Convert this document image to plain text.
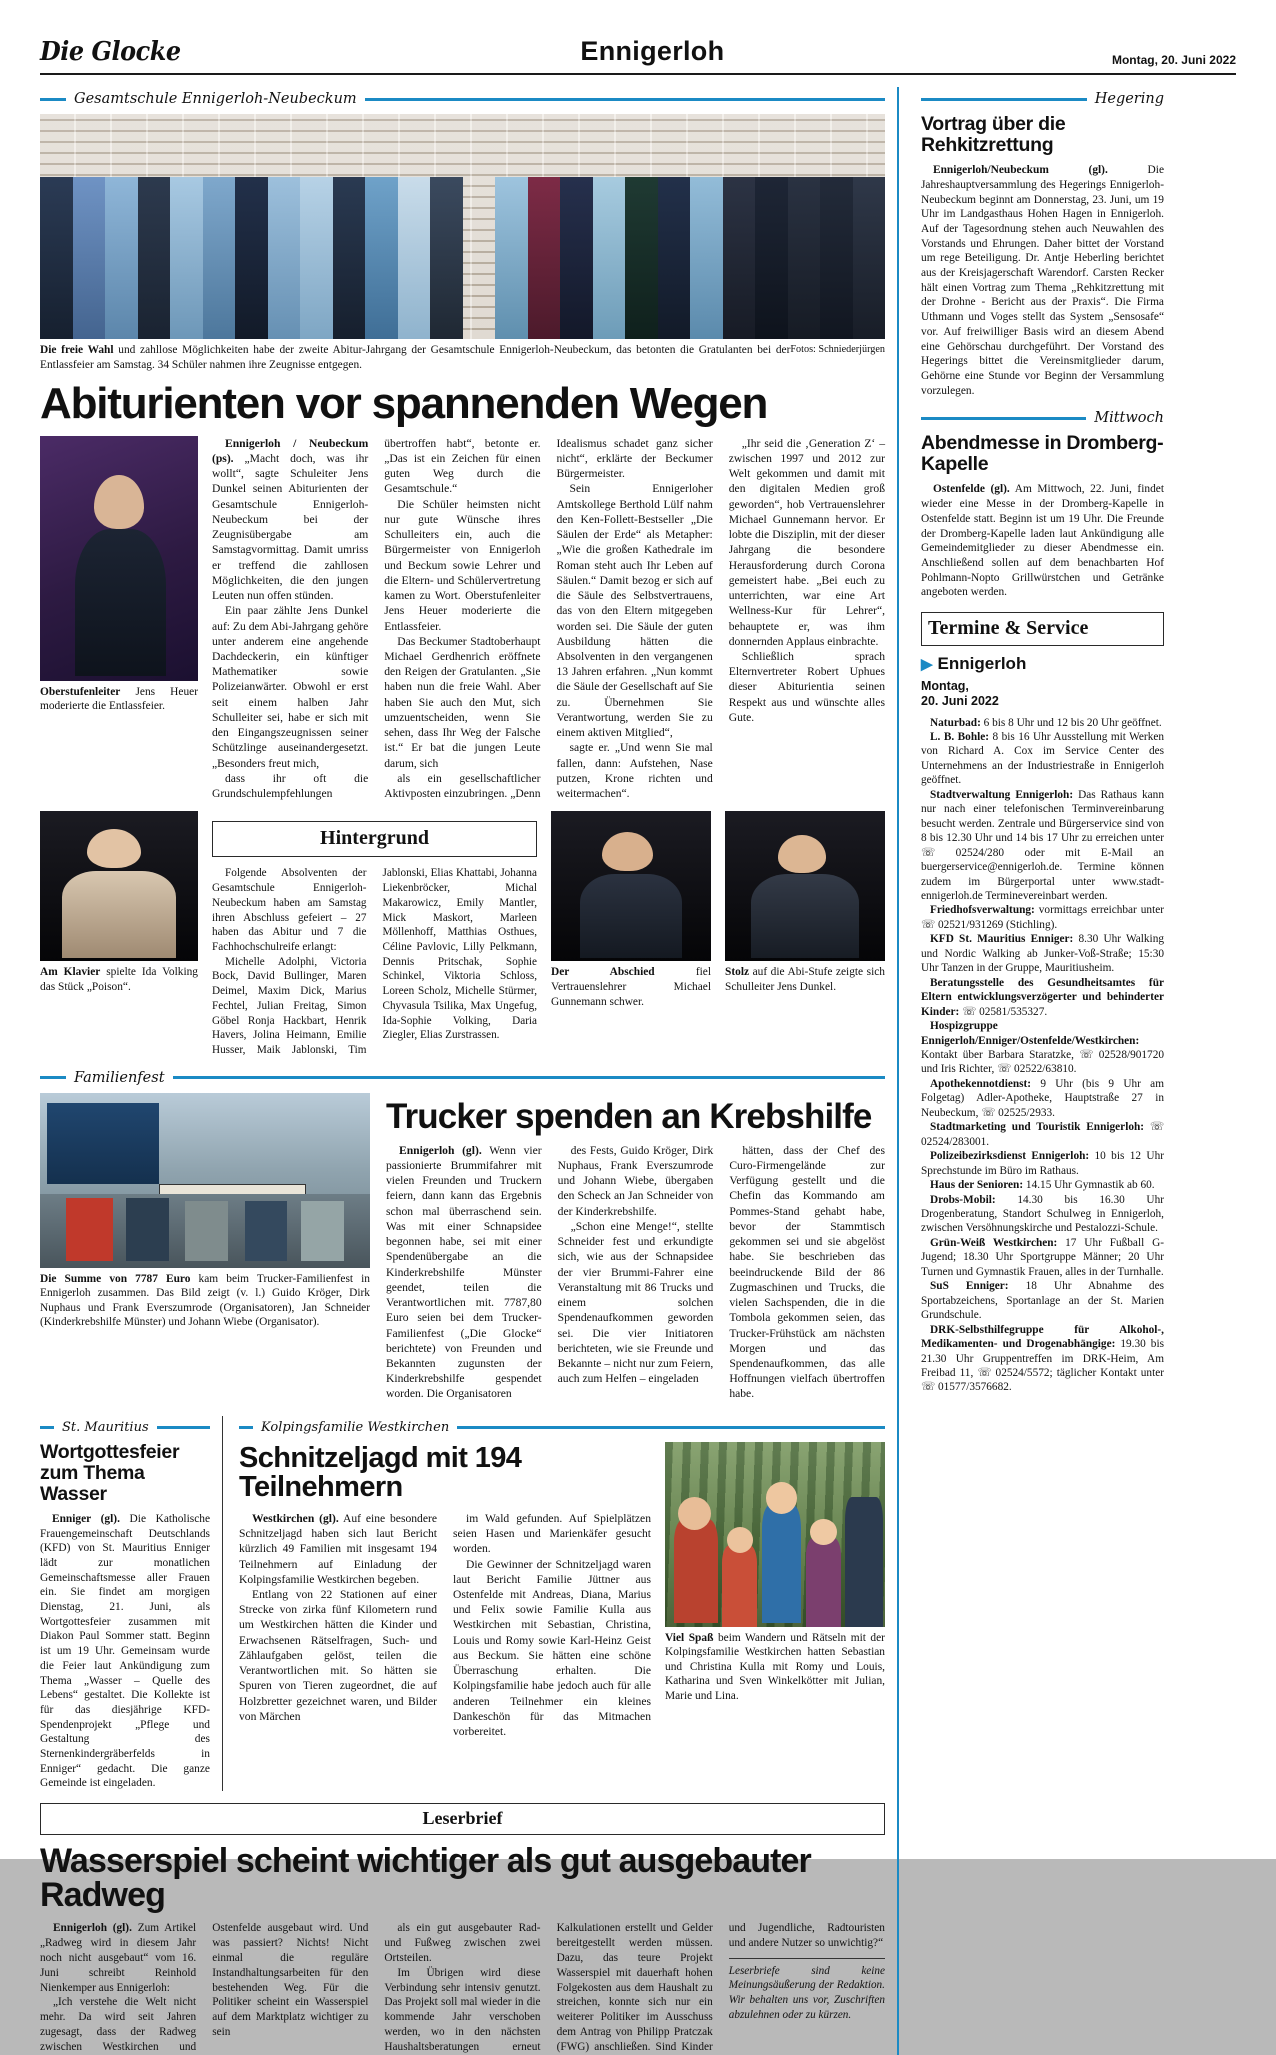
Die Glocke	Ennigerloh	Montag, 20. Juni 2022
Gesamtschule Ennigerloh-Neubeckum
Fotos: Schniederjürgen
Die freie Wahl und zahllose Möglichkeiten habe der zweite Abitur-Jahrgang der Gesamtschule Ennigerloh-Neubeckum, das betonten die Gratulanten bei der Entlassfeier am Samstag. 34 Schüler nahmen ihre Zeugnisse entgegen.
Abiturienten vor spannenden Wegen
Oberstufenleiter Jens Heuer moderierte die Entlassfeier.

Ennigerloh / Neubeckum (ps). „Macht doch, was ihr wollt“, sagte Schuleiter Jens Dunkel seinen Abiturienten der Gesamtschule Ennigerloh-Neubeckum bei der Zeugnisübergabe am Samstagvormittag. Damit umriss er treffend die zahllosen Möglichkeiten, die den jungen Leuten nun offen stünden.

Ein paar zählte Jens Dunkel auf: Zu dem Abi-Jahrgang gehöre unter anderem eine angehende Dachdeckerin, ein künftiger Mathematiker sowie Polizeianwärter. Obwohl er erst seit einem halben Jahr Schulleiter sei, habe er sich mit den Eingangszeugnissen seiner Schützlinge auseinandergesetzt. „Besonders freut mich,

dass ihr oft die Grundschulempfehlungen übertroffen habt“, betonte er. „Das ist ein Zeichen für einen guten Weg durch die Gesamtschule.“

Die Schüler heimsten nicht nur gute Wünsche ihres Schulleiters ein, auch die Bürgermeister von Ennigerloh und Beckum sowie Lehrer und die Eltern- und Schülervertretung kamen zu Wort. Oberstufenleiter Jens Heuer moderierte die Entlassfeier.

Das Beckumer Stadtoberhaupt Michael Gerdhenrich eröffnete den Reigen der Gratulanten. „Sie haben nun die freie Wahl. Aber haben Sie auch den Mut, sich umzuentscheiden, wenn Sie sehen, dass Ihr Weg der Falsche ist.“ Er bat die jungen Leute darum, sich

als ein gesellschaftlicher Aktivposten einzubringen. „Denn Idealismus schadet ganz sicher nicht“, erklärte der Beckumer Bürgermeister.

Sein Ennigerloher Amtskollege Berthold Lülf nahm den Ken-Follett-Bestseller „Die Säulen der Erde“ als Metapher: „Wie die großen Kathedrale im Roman steht auch Ihr Leben auf Säulen.“ Damit bezog er sich auf die Säule des Selbstvertrauens, das von den Eltern mitgegeben worden sei. Die Säule der guten Ausbildung hätten die Absolventen in den vergangenen 13 Jahren erfahren. „Nun kommt die Säule der Gesellschaft auf Sie zu. Übernehmen Sie Verantwortung, werden Sie zu einem aktiven Mitglied“,

sagte er. „Und wenn Sie mal fallen, dann: Aufstehen, Nase putzen, Krone richten und weitermachen“.

„Ihr seid die ‚Generation Z‘ – zwischen 1997 und 2012 zur Welt gekommen und damit mit den digitalen Medien groß geworden“, hob Vertrauenslehrer Michael Gunnemann hervor. Er lobte die Disziplin, mit der dieser Jahrgang die besondere Herausforderung durch Corona gemeistert habe. „Bei euch zu unterrichten, war eine Art Wellness-Kur für Lehrer“, behauptete er, was ihm donnernden Applaus einbrachte.

Schließlich sprach Elternvertreter Robert Uphues dieser Abiturientia seinen Respekt aus und wünschte alles Gute.

Am Klavier spielte Ida Volking das Stück „Poison“.
Hintergrund

Folgende Absolventen der Gesamtschule Ennigerloh-Neubeckum haben am Samstag ihren Abschluss gefeiert – 27 haben das Abitur und 7 die Fachhochschulreife erlangt:

Michelle Adolphi, Victoria Bock, David Bullinger, Maren Deimel, Maxim Dick, Marius Fechtel, Julian Freitag, Simon Göbel Ronja Hackbart, Henrik Havers, Jolina Heimann, Emilie Husser, Maik Jablonski, Tim Jablonski, Elias Khattabi, Johanna Liekenbröcker, Michal Makarowicz, Emily Mantler, Mick Maskort, Marleen Möllenhoff, Matthias Osthues, Céline Pavlovic, Lilly Pelkmann, Dennis Pritschak, Sophie Schinkel, Viktoria Schloss, Loreen Scholz, Michelle Stürmer, Chyvasula Tsilika, Max Ungefug, Ida-Sophie Volking, Daria Ziegler, Elias Zurstrassen.

Der Abschied fiel Vertrauenslehrer Michael Gunnemann schwer.
Stolz auf die Abi-Stufe zeigte sich Schulleiter Jens Dunkel.
Familienfest
Die Summe von 7787 Euro kam beim Trucker-Familienfest in Ennigerloh zusammen. Das Bild zeigt (v. l.) Guido Kröger, Dirk Nuphaus und Frank Everszumrode (Organisatoren), Jan Schneider (Kinderkrebshilfe Münster) und Johann Wiebe (Organisator).
Trucker spenden an Krebshilfe

Ennigerloh (gl). Wenn vier passionierte Brummifahrer mit vielen Freunden und Truckern feiern, dann kann das Ergebnis schon mal überraschend sein. Was mit einer Schnapsidee begonnen habe, sei mit einer Spendenübergabe an die Kinderkrebshilfe Münster geendet, teilen die Verantwortlichen mit. 7787,80 Euro seien bei dem Trucker-Familienfest („Die Glocke“ berichtete) von Freunden und Bekannten zugunsten der Kinderkrebshilfe gespendet worden. Die Organisatoren

des Fests, Guido Kröger, Dirk Nuphaus, Frank Everszumrode und Johann Wiebe, übergaben den Scheck an Jan Schneider von der Kinderkrebshilfe.

„Schon eine Menge!“, stellte Schneider fest und erkundigte sich, wie aus der Schnapsidee der vier Brummi-Fahrer eine Veranstaltung mit 86 Trucks und einem solchen Spendenaufkommen geworden sei. Die vier Initiatoren berichteten, wie sie Freunde und Bekannte – nicht nur zum Feiern, auch zum Helfen – eingeladen

hätten, dass der Chef des Curo-Firmengelände zur Verfügung gestellt und die Chefin das Kommando am Pommes-Stand gehabt habe, bevor der Stammtisch gekommen sei und sie abgelöst habe. Sie beschrieben das beeindruckende Bild der 86 Zugmaschinen und Trucks, die vielen Sachspenden, die in die Tombola gekommen seien, das Trucker-Frühstück am nächsten Morgen und das Spendenaufkommen, das alle Hoffnungen vielfach übertroffen habe.

St. Mauritius
Wortgottesfeier zum Thema Wasser

Enniger (gl). Die Katholische Frauengemeinschaft Deutschlands (KFD) von St. Mauritius Enniger lädt zur monatlichen Gemeinschaftsmesse aller Frauen ein. Sie findet am morgigen Dienstag, 21. Juni, als Wortgottesfeier zusammen mit Diakon Paul Sommer statt. Beginn ist um 19 Uhr. Gemeinsam wurde die Feier laut Ankündigung zum Thema „Wasser – Quelle des Lebens“ gestaltet. Die Kollekte ist für das diesjährige KFD-Spendenprojekt „Pflege und Gestaltung des Sternenkindergräberfelds in Enniger“ gedacht. Die ganze Gemeinde ist eingeladen.

Kolpingsfamilie Westkirchen
Schnitzeljagd mit 194 Teilnehmern

Westkirchen (gl). Auf eine besondere Schnitzeljagd haben sich laut Bericht kürzlich 49 Familien mit insgesamt 194 Teilnehmern auf Einladung der Kolpingsfamilie Westkirchen begeben.

Entlang von 22 Stationen auf einer Strecke von zirka fünf Kilometern rund um Westkirchen hätten die Kinder und Erwachsenen Rätselfragen, Such- und Zählaufgaben gelöst, teilen die Verantwortlichen mit. So hätten sie Spuren von Tieren zugeordnet, die auf Holzbretter gezeichnet waren, und Bilder von Märchen

im Wald gefunden. Auf Spielplätzen seien Hasen und Marienkäfer gesucht worden.

Die Gewinner der Schnitzeljagd waren laut Bericht Familie Jüttner aus Ostenfelde mit Andreas, Diana, Marius und Felix sowie Familie Kulla aus Westkirchen mit Sebastian, Christina, Louis und Romy sowie Karl-Heinz Geist aus Beckum. Sie hätten eine schöne Überraschung erhalten. Die Kolpingsfamilie habe jedoch auch für alle anderen Teilnehmer ein kleines Dankeschön für das Mitmachen vorbereitet.

Viel Spaß beim Wandern und Rätseln mit der Kolpingsfamilie Westkirchen hatten Sebastian und Christina Kulla mit Romy und Louis, Katharina und Sven Winkelkötter mit Julian, Marie und Lina.
Leserbrief
Wasserspiel scheint wichtiger als gut ausgebauter Radweg

Ennigerloh (gl). Zum Artikel „Radweg wird in diesem Jahr noch nicht ausgebaut“ vom 16. Juni schreibt Reinhold Nienkemper aus Ennigerloh:

„Ich verstehe die Welt nicht mehr. Da wird seit Jahren zugesagt, dass der Radweg zwischen Westkirchen und Ostenfelde ausgebaut wird. Und was passiert? Nichts! Nicht einmal die reguläre Instandhaltungsarbeiten für den bestehenden Weg. Für die Politiker scheint ein Wasserspiel auf dem Marktplatz wichtiger zu sein

als ein gut ausgebauter Rad- und Fußweg zwischen zwei Ortsteilen.

Im Übrigen wird diese Verbindung sehr intensiv genutzt. Das Projekt soll mal wieder in die kommende Jahr verschoben werden, wo in den nächsten Haushaltsberatungen erneut Kalkulationen erstellt und Gelder bereitgestellt werden müssen. Dazu, das teure Projekt Wasserspiel mit dauerhaft hohen Folgekosten aus dem Haushalt zu streichen, konnte sich nur ein weiterer Politiker im Ausschuss dem Antrag von Philipp Pratczak (FWG) anschließen. Sind Kinder und Jugendliche, Radtouristen und andere Nutzer so unwichtig?“

Leserbriefe sind keine Meinungsäußerung der Redaktion. Wir behalten uns vor, Zuschriften abzulehnen oder zu kürzen.
Hegering
Vortrag über die Rehkitzrettung

Ennigerloh/Neubeckum (gl).	Die Jahreshauptversammlung des Hegerings Ennigerloh-Neubeckum beginnt am Donnerstag, 23. Juni, um 19 Uhr im Landgasthaus Hohen Hagen in Ennigerloh. Auf der Tagesordnung stehen auch Neuwahlen des Vorstands und Ehrungen. Daher bittet der Vorstand um rege Beteiligung. Dr. Antje Heberling berichtet aus der Kreisjagerschaft Warendorf. Carsten Recker hält einen Vortrag zum Thema „Rehkitzrettung mit der Drohne - Bericht aus der Praxis“. Die Firma Uthmann und Voges stellt das System „Sensosafe“ vor. Auf freiwilliger Basis wird an diesem Abend eine Gehörschau durchgeführt. Der Vorstand des Hegerings bittet die Vereinsmitglieder darum, Gehörne eine Stunde vor Beginn der Versammlung vorzulegen.

Mittwoch
Abendmesse in Dromberg-Kapelle

Ostenfelde (gl). Am Mittwoch, 22. Juni, findet wieder eine Messe in der Dromberg-Kapelle in Ostenfelde statt. Beginn ist um 19 Uhr. Die Freunde der Dromberg-Kapelle laden laut Ankündigung alle Gemeindemitglieder zu dieser Abendmesse ein. Anschließend sollen auf dem benachbarten Hof Pohlmann-Nopto Grillwürstchen und Getränke angeboten werden.

Termine & Service
▶ Ennigerloh
Montag,
20. Juni 2022

Naturbad: 6 bis 8 Uhr und 12 bis 20 Uhr geöffnet.

L. B. Bohle: 8 bis 16 Uhr Ausstellung mit Werken von Richard A. Cox im Service Center des Unternehmens an der Industriestraße in Ennigerloh geöffnet.

Stadtverwaltung Ennigerloh: Das Rathaus kann nur nach einer telefonischen Terminvereinbarung besucht werden. Zentrale und Bürgerservice sind von 8 bis 12.30 Uhr und 14 bis 17 Uhr zu erreichen unter ☏ 02524/280 oder mit E-Mail an buergerservice@ennigerloh.de. Termine können zudem im Bürgerportal unter www.stadt-ennigerloh.de Terminevereinbart werden.

Friedhofsverwaltung: vormittags erreichbar unter ☏ 02521/931269 (Stichling).

KFD St. Mauritius Enniger: 8.30 Uhr Walking und Nordic Walking ab Junker-Voß-Straße; 15:30 Uhr Tanzen in der Gruppe, Mauritiusheim.

Beratungsstelle des Gesundheitsamtes für Eltern entwicklungsverzögerter und behinderter Kinder: ☏ 02581/535327.

Hospizgruppe Ennigerloh/Enniger/Ostenfelde/Westkirchen: Kontakt über Barbara Staratzke, ☏ 02528/901720 und Iris Richter, ☏ 02522/63810.

Apothekennotdienst: 9 Uhr (bis 9 Uhr am Folgetag) Adler-Apotheke, Hauptstraße 27 in Neubeckum, ☏ 02525/2933.

Stadtmarketing und Touristik Ennigerloh: ☏ 02524/283001.

Polizeibezirksdienst Ennigerloh: 10 bis 12 Uhr Sprechstunde im Büro im Rathaus.

Haus der Senioren: 14.15 Uhr Gymnastik ab 60.

Drobs-Mobil: 14.30 bis 16.30 Uhr Drogenberatung, Standort Schulweg in Ennigerloh, zwischen Versöhnungskirche und Pestalozzi-Schule.

Grün-Weiß Westkirchen: 17 Uhr Fußball G-Jugend; 18.30 Uhr Sportgruppe Männer; 20 Uhr Turnen und Gymnastik Frauen, alles in der Turnhalle.

SuS Enniger: 18 Uhr Abnahme des Sportabzeichens, Sportanlage an der St. Marien Grundschule.

DRK-Selbsthilfegruppe für Alkohol-, Medikamenten- und Drogenabhängige: 19.30 bis 21.30 Uhr Gruppentreffen im DRK-Heim, Am Freibad 11, ☏ 02524/5572; täglicher Kontakt unter ☏ 01577/3576682.
